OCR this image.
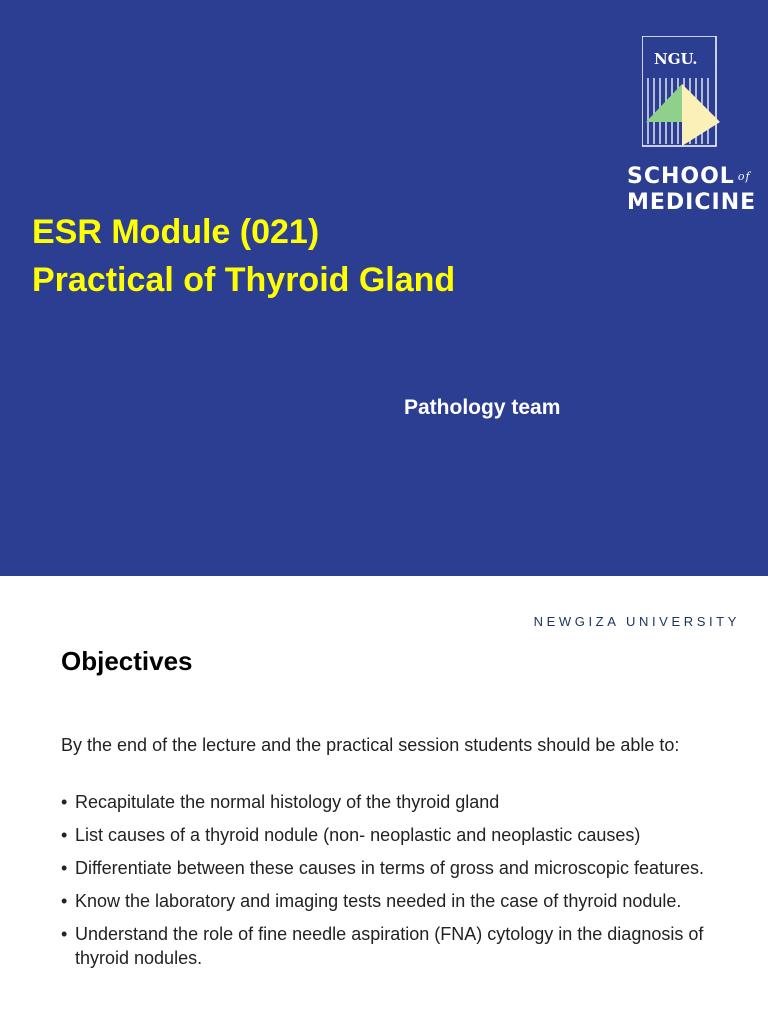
ESR Module (021)
Practical of Thyroid Gland
Pathology team
NGU.
SCHOOL $^{of}$
MEDICINE
NEWGIZA UNIVERSITY
Objectives
By the end of the lecture and the practical session students should be able to:
• Recapitulate the normal histology of the thyroid gland
• List causes of a thyroid nodule (non- neoplastic and neoplastic causes)
• Differentiate between these causes in terms of gross and microscopic features.
• Know the laboratory and imaging tests needed in the case of thyroid nodule.
• Understand the role of fine needle aspiration (FNA) cytology in the diagnosis of thyroid nodules.
